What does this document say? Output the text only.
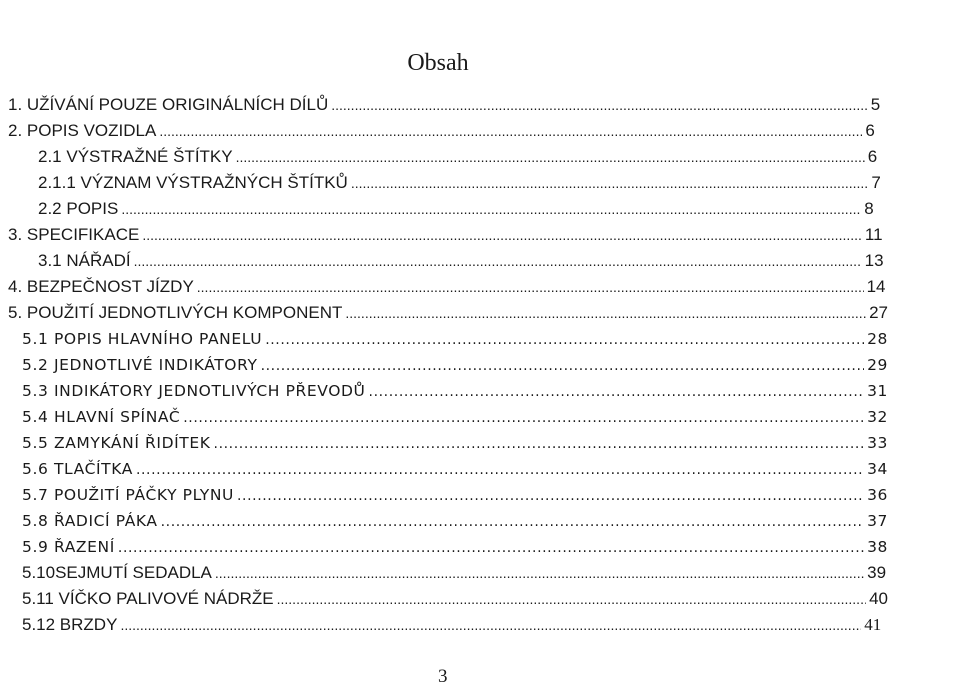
Obsah
1. UŽÍVÁNÍ POUZE ORIGINÁLNÍCH DÍLŮ .....	5
2. POPIS VOZIDLA .....	6
2.1 VÝSTRAŽNÉ ŠTÍTKY .....	6
2.1.1 VÝZNAM VÝSTRAŽNÝCH ŠTÍTKŮ .....	7
2.2 POPIS .....	8
3. SPECIFIKACE .....	11
3.1 NÁŘADÍ .....	13
4. BEZPEČNOST JÍZDY .....	14
5. POUŽITÍ JEDNOTLIVÝCH KOMPONENT .....	27
5.1 POPIS HLAVNÍHO PANELU .....	28
5.2 JEDNOTLIVÉ INDIKÁTORY .....	29
5.3 INDIKÁTORY JEDNOTLIVÝCH PŘEVODŮ .....	31
5.4 HLAVNÍ SPÍNAČ .....	32
5.5 ZAMYKÁNÍ ŘIDÍTEK .....	33
5.6 TLAČÍTKA .....	34
5.7 POUŽITÍ PÁČKY PLYNU .....	36
5.8 ŘADICÍ PÁKA .....	37
5.9 ŘAZENÍ .....	38
5.10SEJMUTÍ SEDADLA .....	39
5.11 VÍČKO PALIVOVÉ NÁDRŽE .....	40
5.12 BRZDY .....	41
3
